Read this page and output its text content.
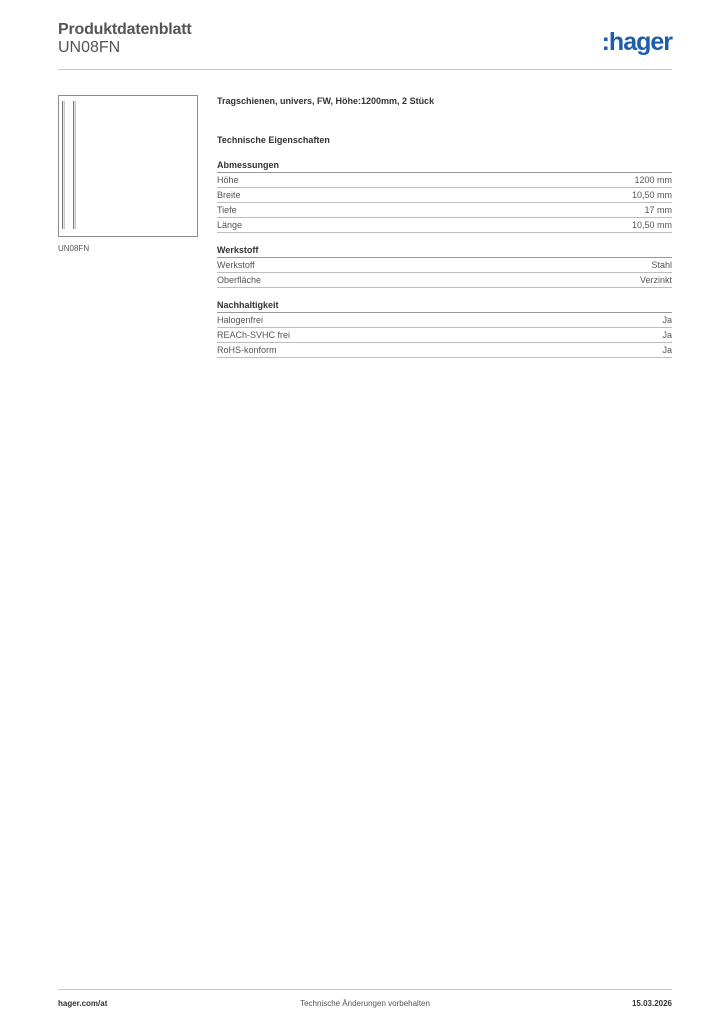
Produktdatenblatt
UN08FN	:hager
UN08FN

Tragschienen, univers, FW, Höhe:1200mm, 2 Stück

Technische Eigenschaften

Abmessungen
Höhe	1200 mm
Breite	10,50 mm
Tiefe	17 mm
Länge	10,50 mm
Werkstoff
Werkstoff	Stahl
Oberfläche	Verzinkt
Nachhaltigkeit
Halogenfrei	Ja
REACh-SVHC frei	Ja
RoHS-konform	Ja
hager.com/at	Technische Änderungen vorbehalten	15.03.2026
